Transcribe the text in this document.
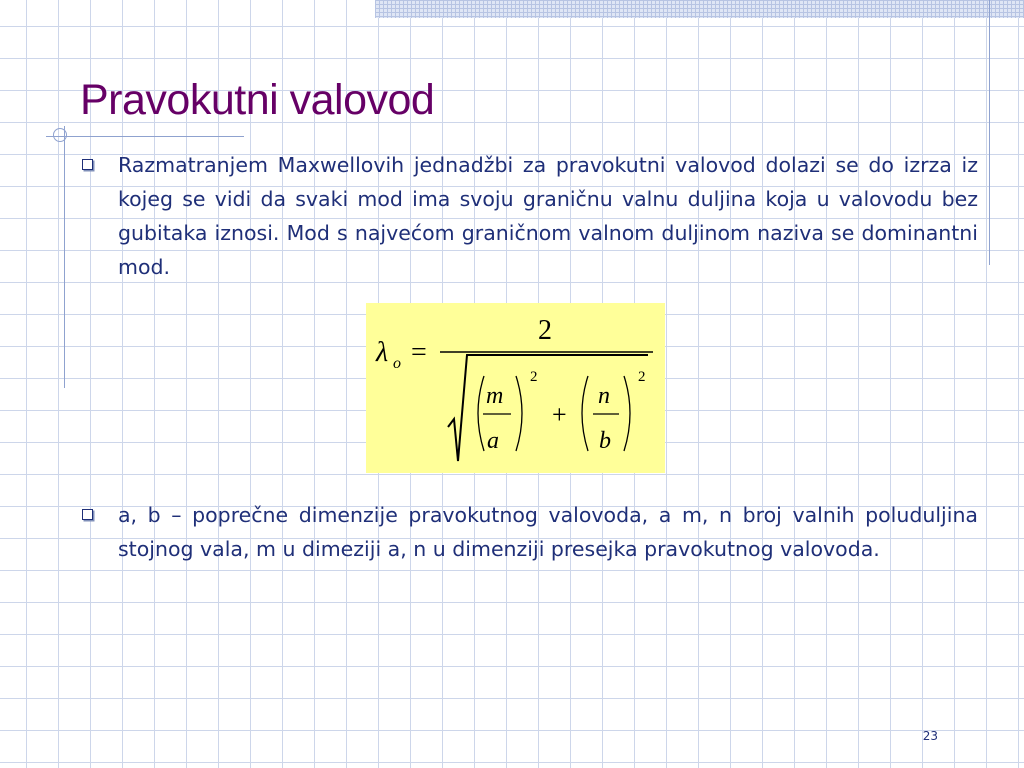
Pravokutni valovod
Razmatranjem Maxwellovih jednadžbi za pravokutni valovod dolazi se do izrza iz kojeg se vidi da svaki mod ima svoju graničnu valnu duljina koja u valovodu bez gubitaka iznosi. Mod s najvećom graničnom valnom duljinom naziva se dominantni mod.
λ o =
2
m
a
2
+
n
b
2
a, b – poprečne dimenzije pravokutnog valovoda, a m, n broj valnih poluduljina stojnog vala, m u dimeziji a, n u dimenziji presejka pravokutnog valovoda.
23
